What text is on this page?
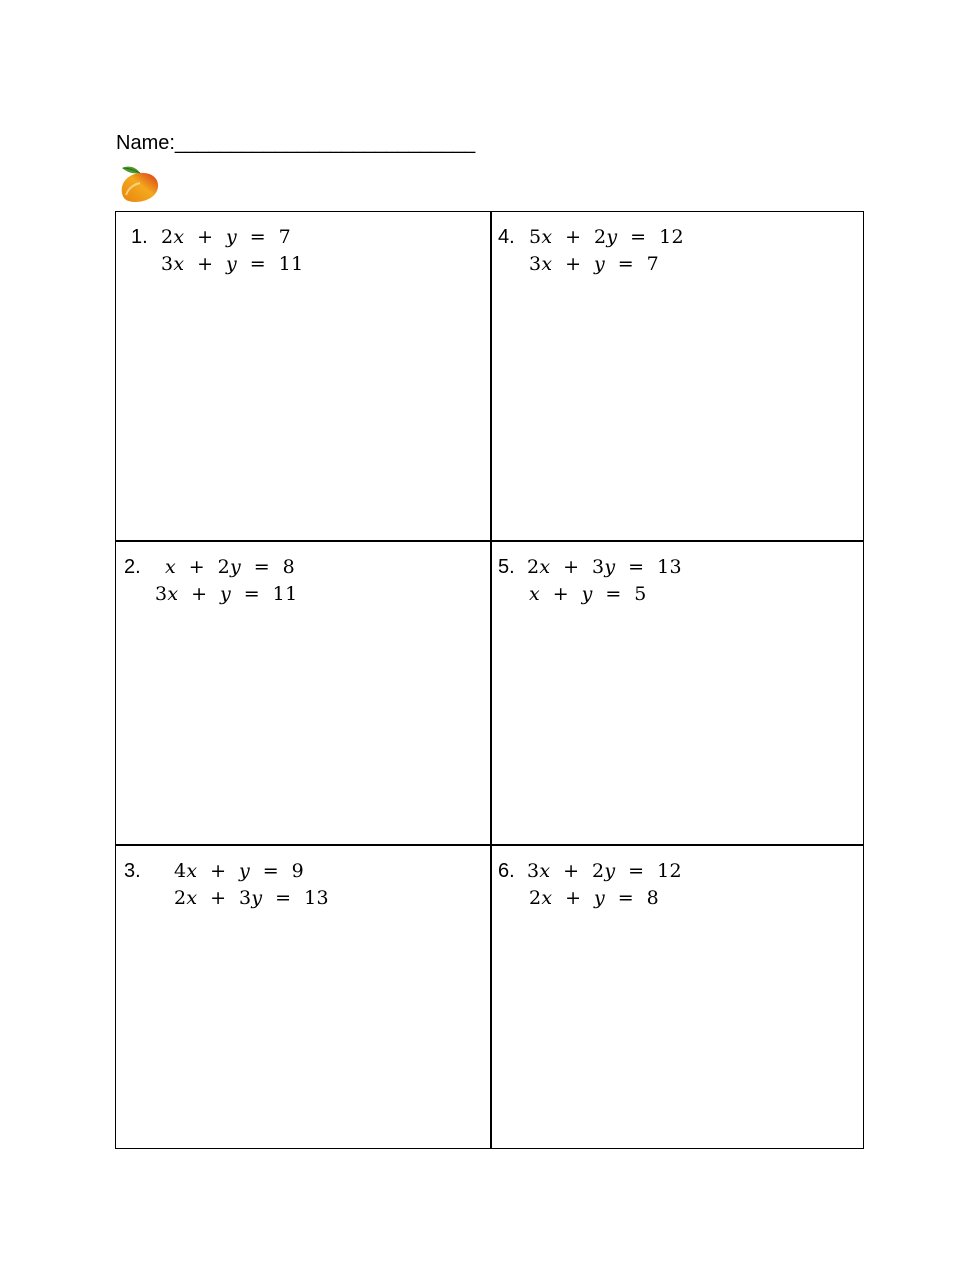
Name:___________________________
1. 2x + y = 7
3x + y = 11
2. x + 2y = 8
3x + y = 11
3. 4x + y = 9
2x + 3y = 13
4. 5x + 2y = 12
3x + y = 7
5. 2x + 3y = 13
x + y = 5
6. 3x + 2y = 12
2x + y = 8
